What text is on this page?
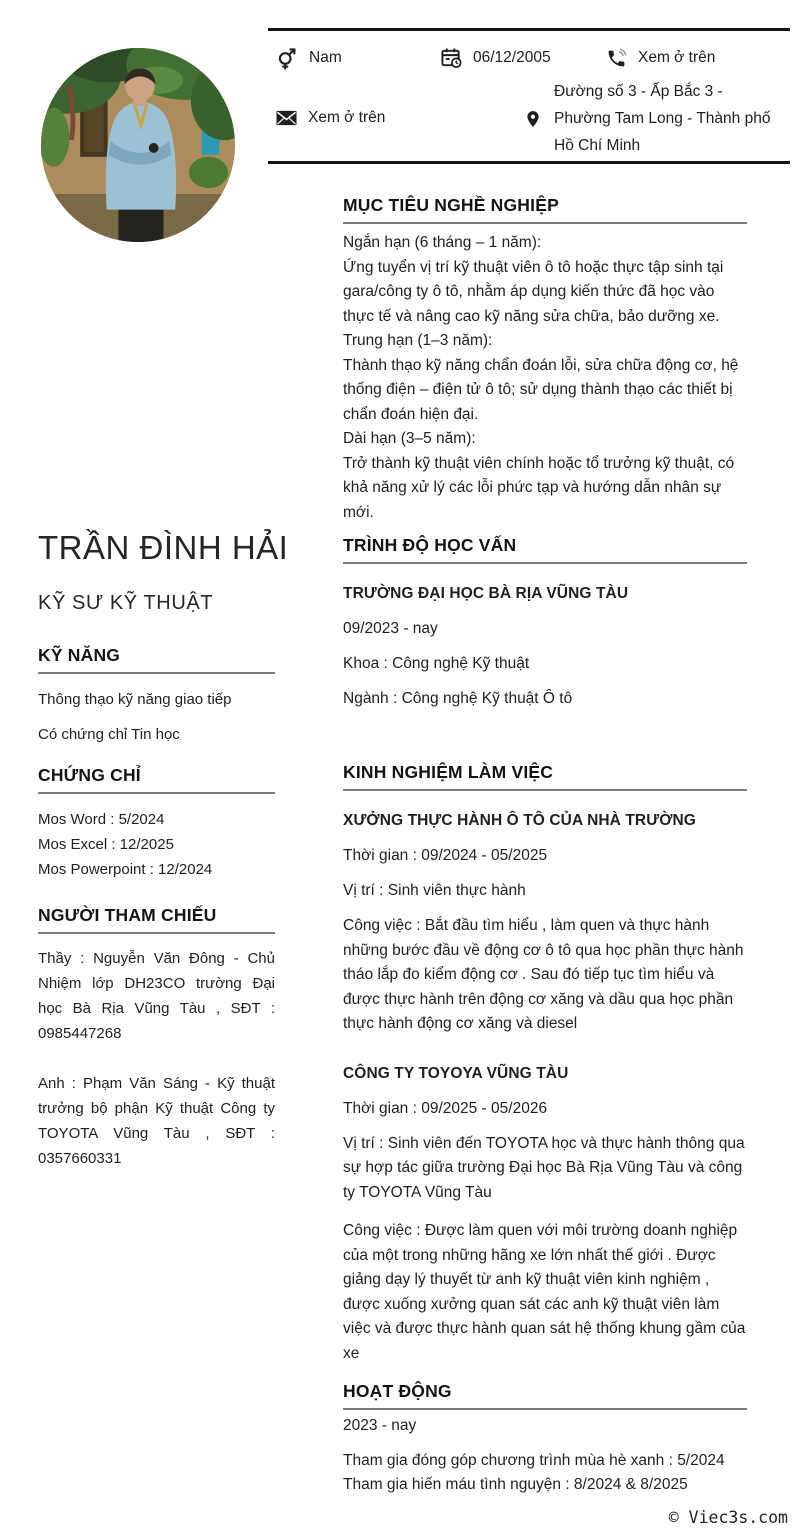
Nam	06/12/2005	Xem ở trên
Xem ở trên
Đường số 3 - Ấp Bắc 3 - Phường Tam Long - Thành phố Hồ Chí Minh
TRẦN ĐÌNH HẢI
KỸ SƯ KỸ THUẬT
KỸ NĂNG
Thông thạo kỹ năng giao tiếp
Có chứng chỉ Tin học
CHỨNG CHỈ
Mos Word : 5/2024
Mos Excel : 12/2025
Mos Powerpoint : 12/2024
NGƯỜI THAM CHIẾU
Thầy : Nguyễn Văn Đông - Chủ Nhiệm lớp DH23CO trường Đại học Bà Rịa Vũng Tàu , SĐT : 0985447268
Anh : Phạm Văn Sáng - Kỹ thuật trưởng bộ phận Kỹ thuật Công ty TOYOTA Vũng Tàu , SĐT : 0357660331
MỤC TIÊU NGHỀ NGHIỆP
Ngắn hạn (6 tháng – 1 năm):
Ứng tuyển vị trí kỹ thuật viên ô tô hoặc thực tập sinh tại gara/công ty ô tô, nhằm áp dụng kiến thức đã học vào thực tế và nâng cao kỹ năng sửa chữa, bảo dưỡng xe.
Trung hạn (1–3 năm):
Thành thạo kỹ năng chẩn đoán lỗi, sửa chữa động cơ, hệ thống điện – điện tử ô tô; sử dụng thành thạo các thiết bị chẩn đoán hiện đại.
Dài hạn (3–5 năm):
Trở thành kỹ thuật viên chính hoặc tổ trưởng kỹ thuật, có khả năng xử lý các lỗi phức tạp và hướng dẫn nhân sự mới.
TRÌNH ĐỘ HỌC VẤN
TRƯỜNG ĐẠI HỌC BÀ RỊA VŨNG TÀU
09/2023 - nay
Khoa : Công nghệ Kỹ thuật
Ngành : Công nghệ Kỹ thuật Ô tô
KINH NGHIỆM LÀM VIỆC
XƯỞNG THỰC HÀNH Ô TÔ CỦA NHÀ TRƯỜNG
Thời gian : 09/2024 - 05/2025
Vị trí : Sinh viên thực hành
Công việc : Bắt đầu tìm hiểu , làm quen và thực hành những bước đầu về động cơ ô tô qua học phần thực hành tháo lắp đo kiểm động cơ . Sau đó tiếp tục tìm hiểu và được thực hành trên động cơ xăng và dầu qua học phần thực hành động cơ xăng và diesel
CÔNG TY TOYOYA VŨNG TÀU
Thời gian : 09/2025 - 05/2026
Vị trí : Sinh viên đến TOYOTA học và thực hành thông qua sự hợp tác giữa trường Đại học Bà Rịa Vũng Tàu và công ty TOYOTA Vũng Tàu
Công việc : Được làm quen với môi trường doanh nghiệp của một trong những hãng xe lớn nhất thế giới . Được giảng dạy lý thuyết từ anh kỹ thuật viên kinh nghiệm , được xuống xưởng quan sát các anh kỹ thuật viên làm việc và được thực hành quan sát hệ thống khung gầm của xe
HOẠT ĐỘNG
2023 - nay
Tham gia đóng góp chương trình mùa hè xanh : 5/2024
Tham gia hiến máu tình nguyện : 8/2024 & 8/2025
© Viec3s.com
